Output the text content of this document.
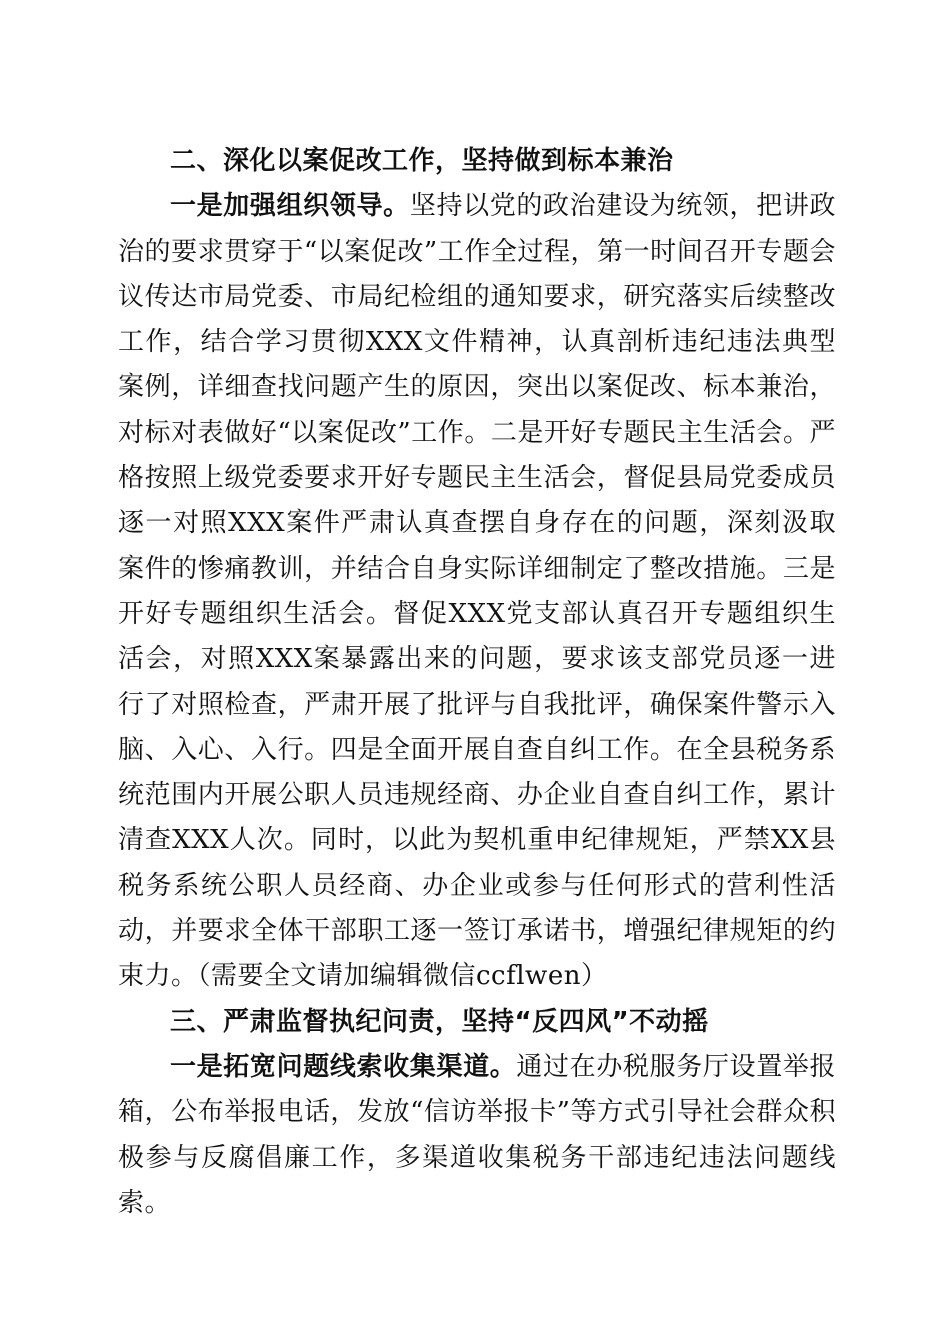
二、深化以案促改工作，坚持做到标本兼治

一是加强组织领导。坚持以党的政治建设为统领，把讲政治的要求贯穿于“以案促改”工作全过程，第一时间召开专题会议传达市局党委、市局纪检组的通知要求，研究落实后续整改工作，结合学习贯彻XXX文件精神，认真剖析违纪违法典型案例，详细查找问题产生的原因，突出以案促改、标本兼治，对标对表做好“以案促改”工作。二是开好专题民主生活会。严格按照上级党委要求开好专题民主生活会，督促县局党委成员逐一对照XXX案件严肃认真查摆自身存在的问题，深刻汲取案件的惨痛教训，并结合自身实际详细制定了整改措施。三是开好专题组织生活会。督促XXX党支部认真召开专题组织生活会，对照XXX案暴露出来的问题，要求该支部党员逐一进行了对照检查，严肃开展了批评与自我批评，确保案件警示入脑、入心、入行。四是全面开展自查自纠工作。在全县税务系统范围内开展公职人员违规经商、办企业自查自纠工作，累计清查XXX人次。同时，以此为契机重申纪律规矩，严禁XX县税务系统公职人员经商、办企业或参与任何形式的营利性活动，并要求全体干部职工逐一签订承诺书，增强纪律规矩的约束力。（需要全文请加编辑微信ccflwen）

三、严肃监督执纪问责，坚持“反四风”不动摇

一是拓宽问题线索收集渠道。通过在办税服务厅设置举报箱，公布举报电话，发放“信访举报卡”等方式引导社会群众积极参与反腐倡廉工作，多渠道收集税务干部违纪违法问题线索。
